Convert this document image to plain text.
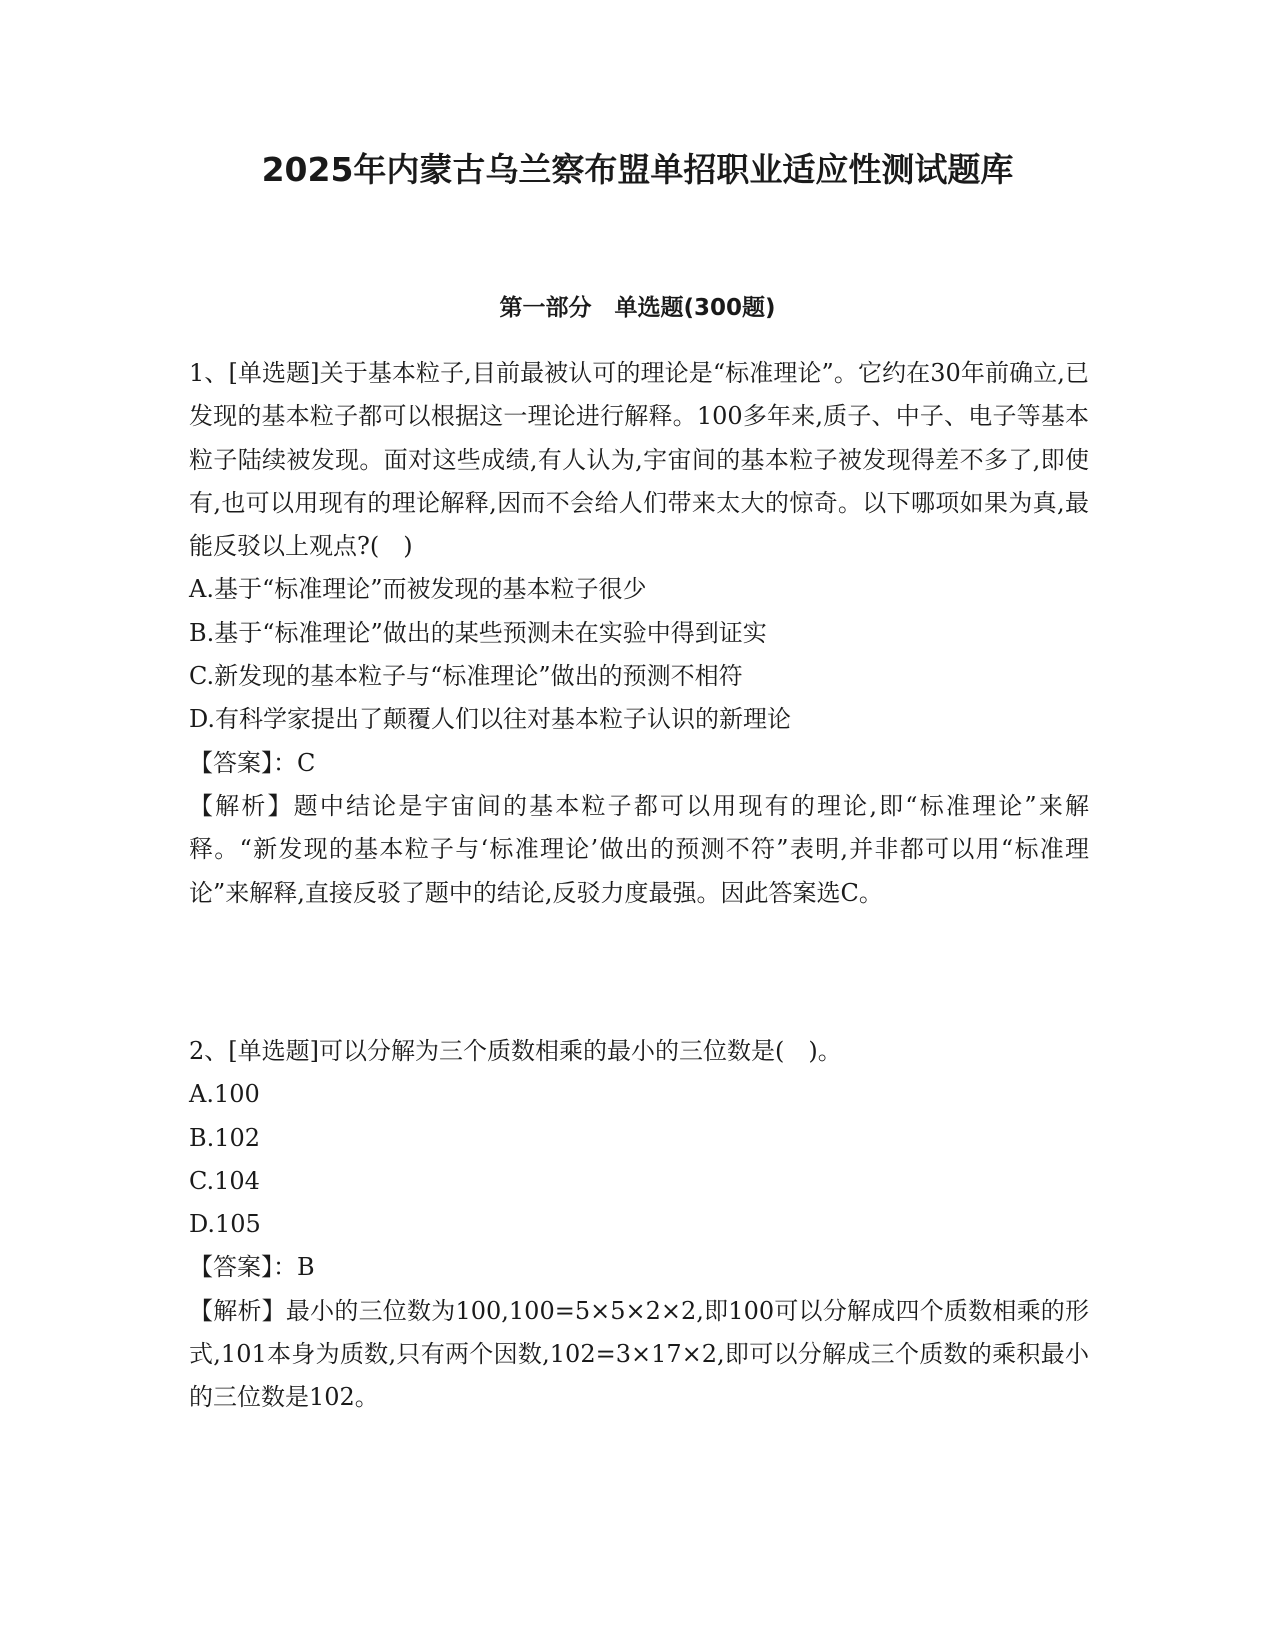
2025年内蒙古乌兰察布盟单招职业适应性测试题库
第一部分　单选题(300题)

1、[单选题]关于基本粒子,目前最被认可的理论是“标准理论”。它约在30年前确立,已发现的基本粒子都可以根据这一理论进行解释。100多年来,质子、中子、电子等基本粒子陆续被发现。面对这些成绩,有人认为,宇宙间的基本粒子被发现得差不多了,即使有,也可以用现有的理论解释,因而不会给人们带来太大的惊奇。以下哪项如果为真,最能反驳以上观点?(　)

A.基于“标准理论”而被发现的基本粒子很少

B.基于“标准理论”做出的某些预测未在实验中得到证实

C.新发现的基本粒子与“标准理论”做出的预测不相符

D.有科学家提出了颠覆人们以往对基本粒子认识的新理论

【答案】：C

【解析】题中结论是宇宙间的基本粒子都可以用现有的理论,即“标准理论”来解释。“新发现的基本粒子与‘标准理论’做出的预测不符”表明,并非都可以用“标准理论”来解释,直接反驳了题中的结论,反驳力度最强。因此答案选C。

2、[单选题]可以分解为三个质数相乘的最小的三位数是(　)。

A.100

B.102

C.104

D.105

【答案】：B

【解析】最小的三位数为100,100=5×5×2×2,即100可以分解成四个质数相乘的形式,101本身为质数,只有两个因数,102=3×17×2,即可以分解成三个质数的乘积最小的三位数是102。
